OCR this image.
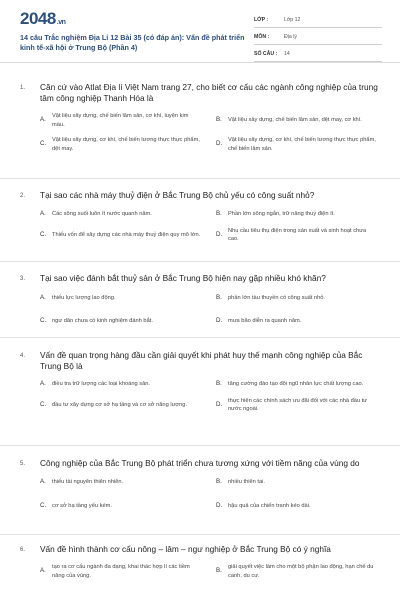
2048.vn
14 câu Trắc nghiệm Địa Lí 12 Bài 35 (có đáp án): Vấn đề phát triển kinh tế-xã hội ở Trung Bộ (Phần 4)
LỚP :	Lớp 12
MÔN :	Địa lý
SỐ CÂU :	14
1. Căn cứ vào Atlat Địa lí Việt Nam trang 27, cho biết cơ cấu các ngành công nghiệp của trung tâm công nghiệp Thanh Hóa là
A.
Vật liệu xây dựng, chế biến lâm sản, cơ khí, luyện kim màu.
B.	Vật liệu xây dựng, chế biến lâm sản, dệt may, cơ khí.
C.
Vật liệu xây dựng, cơ khí, chế biến lương thực thực phẩm, dệt may.
D.
Vật liệu xây dựng, cơ khí, chế biến lương thực thực phẩm, chế biến lâm sản.
2. Tại sao các nhà máy thuỷ điện ở Bắc Trung Bộ chủ yếu có công suất nhỏ?
A.	Các sông suối luôn ít nước quanh năm.	B.	Phần lớn sông ngắn, trữ năng thuỷ điện ít.
C.	Thiếu vốn để xây dựng các nhà máy thuỷ điện quy mô lớn.	D.
Nhu cầu tiêu thụ điện trong sản xuất và sinh hoạt chưa cao.
3. Tại sao việc đánh bắt thuỷ sản ở Bắc Trung Bộ hiện nay gặp nhiều khó khăn?
A.	thiếu lực lượng lao động.	B.	phần lớn tàu thuyền có công suất nhỏ.
C.	ngư dân chưa có kinh nghiệm đánh bắt.	D.	mưa bão diễn ra quanh năm.
4. Vấn đề quan trọng hàng đầu cần giải quyết khi phát huy thế mạnh công nghiệp của Bắc Trung Bộ là
A.	điều tra trữ lượng các loại khoáng sản.	B.	tăng cường đào tạo đội ngũ nhân lực chất lượng cao.
C.	đầu tư xây dựng cơ sở hạ tầng và cơ sở năng lượng.	D.
thực hiện các chính sách ưu đãi đối với các nhà đầu tư nước ngoài.
5. Công nghiệp của Bắc Trung Bộ phát triển chưa tương xứng với tiềm năng của vùng do
A.	thiếu tài nguyên thiên nhiên.	B.	nhiều thiên tai.
C.	cơ sở hạ tầng yếu kém.	D.	hậu quả của chiến tranh kéo dài.
6. Vấn đề hình thành cơ cấu nông – lâm – ngư nghiệp ở Bắc Trung Bộ có ý nghĩa
A.
tạo ra cơ cấu ngành đa dạng, khai thác hợp lí các tiềm năng của vùng.
B.
giải quyết việc làm cho một bộ phận lao động, hạn chế du canh, du cư.
